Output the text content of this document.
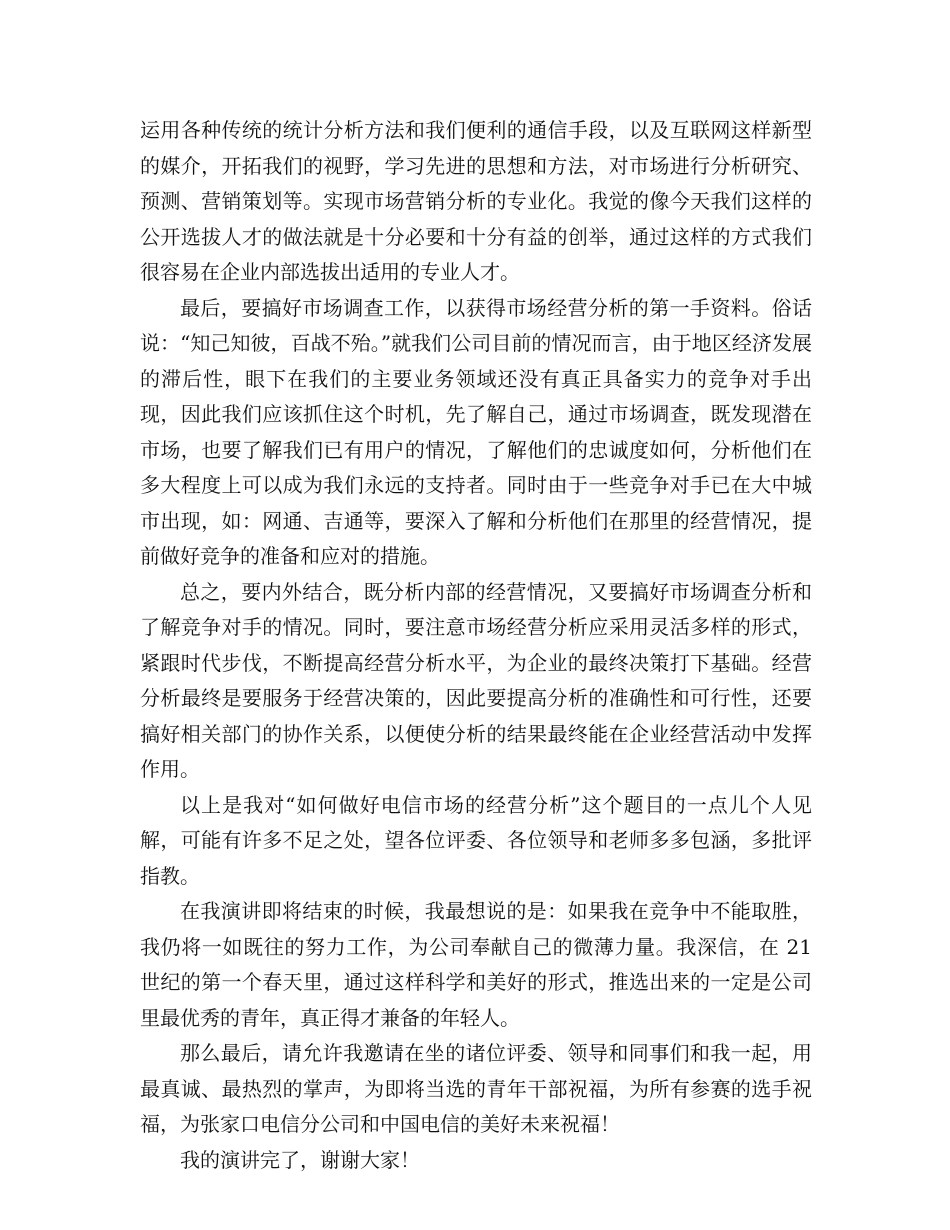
运用各种传统的统计分析方法和我们便利的通信手段，以及互联网这样新型的媒介，开拓我们的视野，学习先进的思想和方法，对市场进行分析研究、预测、营销策划等。实现市场营销分析的专业化。我觉的像今天我们这样的公开选拔人才的做法就是十分必要和十分有益的创举，通过这样的方式我们很容易在企业内部选拔出适用的专业人才。

最后，要搞好市场调查工作，以获得市场经营分析的第一手资料。俗话说：“知己知彼，百战不殆。”就我们公司目前的情况而言，由于地区经济发展的滞后性，眼下在我们的主要业务领域还没有真正具备实力的竞争对手出现，因此我们应该抓住这个时机，先了解自己，通过市场调查，既发现潜在市场，也要了解我们已有用户的情况，了解他们的忠诚度如何，分析他们在多大程度上可以成为我们永远的支持者。同时由于一些竞争对手已在大中城市出现，如：网通、吉通等，要深入了解和分析他们在那里的经营情况，提前做好竞争的准备和应对的措施。

总之，要内外结合，既分析内部的经营情况，又要搞好市场调查分析和了解竞争对手的情况。同时，要注意市场经营分析应采用灵活多样的形式，紧跟时代步伐，不断提高经营分析水平，为企业的最终决策打下基础。经营分析最终是要服务于经营决策的，因此要提高分析的准确性和可行性，还要搞好相关部门的协作关系，以便使分析的结果最终能在企业经营活动中发挥作用。

以上是我对“如何做好电信市场的经营分析”这个题目的一点儿个人见解，可能有许多不足之处，望各位评委、各位领导和老师多多包涵，多批评指教。

在我演讲即将结束的时候，我最想说的是：如果我在竞争中不能取胜，我仍将一如既往的努力工作，为公司奉献自己的微薄力量。我深信，在 21 世纪的第一个春天里，通过这样科学和美好的形式，推选出来的一定是公司里最优秀的青年，真正得才兼备的年轻人。

那么最后，请允许我邀请在坐的诸位评委、领导和同事们和我一起，用最真诚、最热烈的掌声，为即将当选的青年干部祝福，为所有参赛的选手祝福，为张家口电信分公司和中国电信的美好未来祝福！

我的演讲完了，谢谢大家！
